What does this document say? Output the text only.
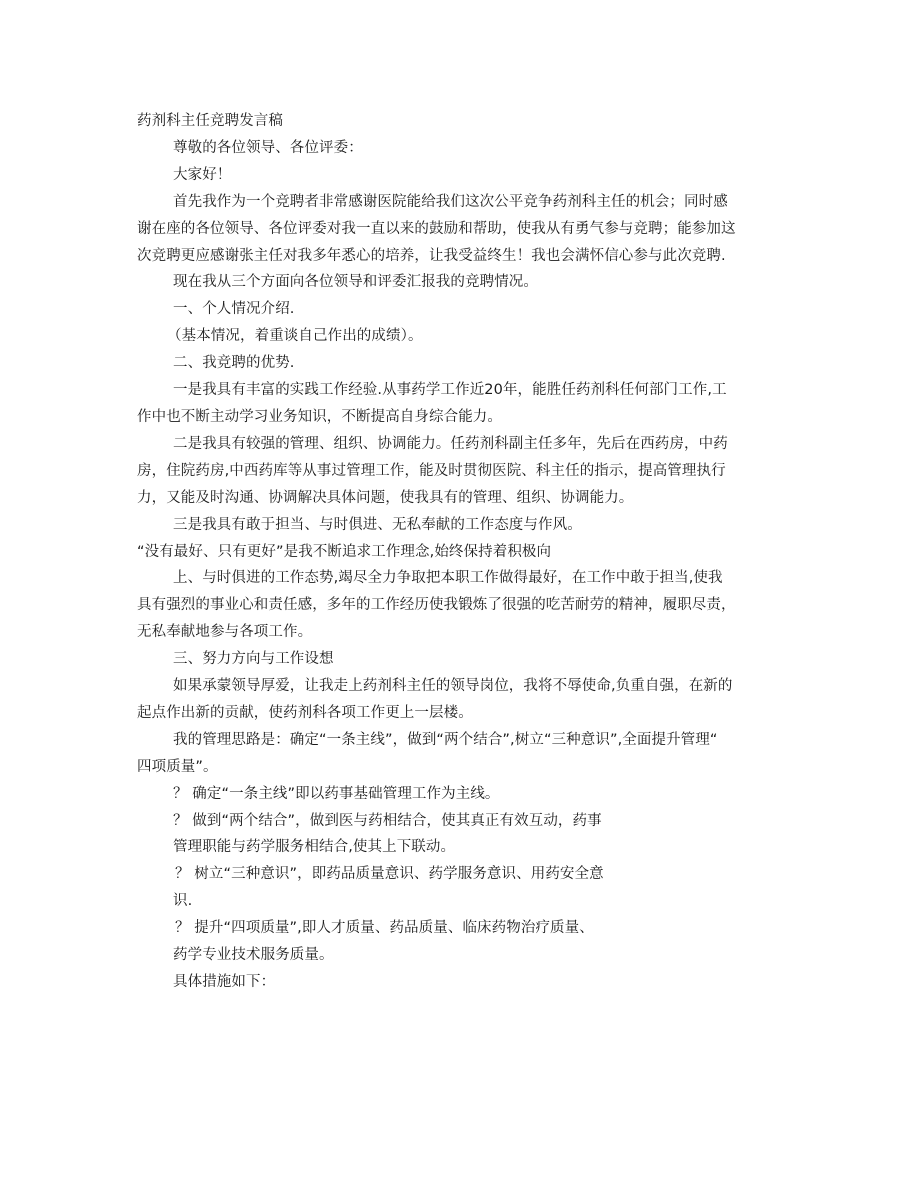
药剂科主任竞聘发言稿

尊敬的各位领导、各位评委：

大家好！

首先我作为一个竞聘者非常感谢医院能给我们这次公平竞争药剂科主任的机会；同时感
谢在座的各位领导、各位评委对我一直以来的鼓励和帮助，使我从有勇气参与竞聘；能参加这
次竞聘更应感谢张主任对我多年悉心的培养，让我受益终生！我也会满怀信心参与此次竞聘.

现在我从三个方面向各位领导和评委汇报我的竞聘情况。

一、个人情况介绍.

（基本情况，着重谈自己作出的成绩）。

二、我竞聘的优势.

一是我具有丰富的实践工作经验.从事药学工作近20年，能胜任药剂科任何部门工作,工
作中也不断主动学习业务知识，不断提高自身综合能力。
二是我具有较强的管理、组织、协调能力。任药剂科副主任多年，先后在西药房，中药
房，住院药房,中西药库等从事过管理工作，能及时贯彻医院、科主任的指示，提高管理执行
力，又能及时沟通、协调解决具体问题，使我具有的管理、组织、协调能力。

三是我具有敢于担当、与时俱进、无私奉献的工作态度与作风。

“没有最好、只有更好”是我不断追求工作理念,始终保持着积极向

上、与时俱进的工作态势,竭尽全力争取把本职工作做得最好，在工作中敢于担当,使我
具有强烈的事业心和责任感，多年的工作经历使我锻炼了很强的吃苦耐劳的精神，履职尽责，
无私奉献地参与各项工作。

三、努力方向与工作设想

如果承蒙领导厚爱，让我走上药剂科主任的领导岗位，我将不辱使命,负重自强，在新的
起点作出新的贡献，使药剂科各项工作更上一层楼。
我的管理思路是：确定“一条主线”，做到“两个结合”,树立“三种意识”,全面提升管理“
四项质量”。

？ 确定“一条主线”即以药事基础管理工作为主线。

？ 做到“两个结合”，做到医与药相结合，使其真正有效互动，药事

管理职能与药学服务相结合,使其上下联动。

？ 树立“三种意识”，即药品质量意识、药学服务意识、用药安全意

识.

？ 提升“四项质量”,即人才质量、药品质量、临床药物治疗质量、

药学专业技术服务质量。

具体措施如下：
